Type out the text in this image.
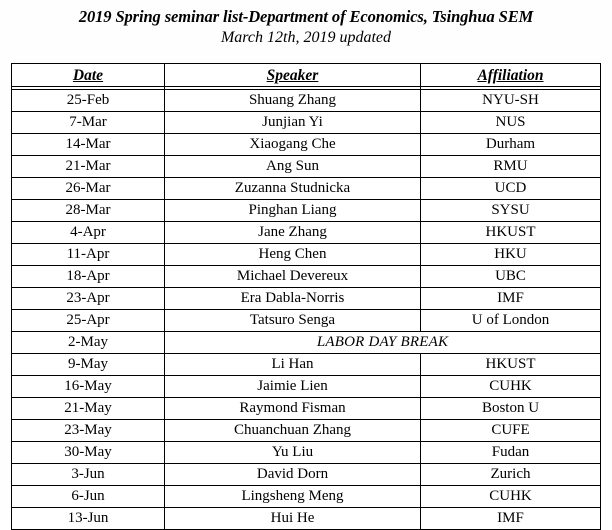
2019 Spring seminar list-Department of Economics, Tsinghua SEM
March 12th, 2019 updated
Date	Speaker	Affiliation

25-Feb	Shuang Zhang	NYU-SH
7-Mar	Junjian Yi	NUS
14-Mar	Xiaogang Che	Durham
21-Mar	Ang Sun	RMU
26-Mar	Zuzanna Studnicka	UCD
28-Mar	Pinghan Liang	SYSU
4-Apr	Jane Zhang	HKUST
11-Apr	Heng Chen	HKU
18-Apr	Michael Devereux	UBC
23-Apr	Era Dabla-Norris	IMF
25-Apr	Tatsuro Senga	U of London
2-May	LABOR DAY BREAK	
9-May	Li Han	HKUST
16-May	Jaimie Lien	CUHK
21-May	Raymond Fisman	Boston U
23-May	Chuanchuan Zhang	CUFE
30-May	Yu Liu	Fudan
3-Jun	David Dorn	Zurich
6-Jun	Lingsheng Meng	CUHK
13-Jun	Hui He	IMF
